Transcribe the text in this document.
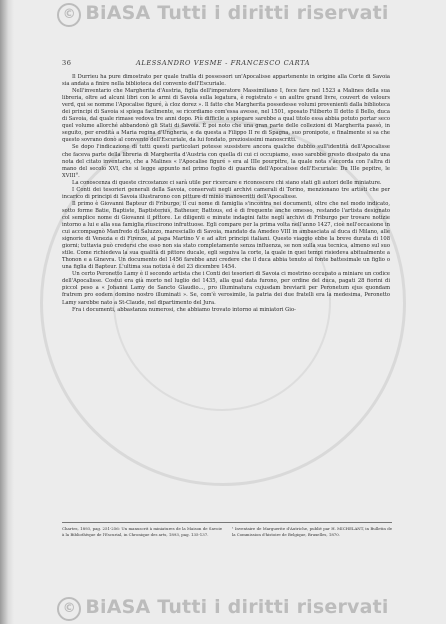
© BiASA Tutti i diritti riservati
36	ALESSANDRO VESME - FRANCESCO CARTA

Il Durrieu ha pure dimostrato per quale trafila di possessori un'Apocalisse appartenente in origine alla Corte di Savoia sia andata a finire nella biblioteca del convento dell'Escuriale.

Nell'inventario che Margherita d'Austria, figlia dell'imperatore Massimiliano I, fece fare nel 1523 a Malines della sua libreria, oltre ad alcuni libri con le armi di Savoia sulla legatura, è registrato « un aultre grand livre, couvert de velours verd, qui se nomme l'Apocalise figuré, à cloz dorez ». Il fatto che Margherita possedesse volumi provenienti dalla biblioteca dei principi di Savoia si spiega facilmente, se ricordiamo com'essa avesse, nel 1501, sposato Filiberto II detto il Bello, duca di Savoia, dal quale rimase vedova tre anni dopo. Più difficile a spiegare sarebbe a qual titolo essa abbia potuto portar seco quel volume allorché abbandonò gli Stati di Savoia. È poi noto che una gran parte delle collezioni di Margherita passò, in seguito, per eredità a Maria regina d'Ungheria, e da questa a Filippo II re di Spagna, suo pronipote, e finalmente si sa che questo sovrano donò al convento dell'Escuriale, da lui fondato, preziosissimi manoscritti.

Se dopo l'indicazione di tutti questi particolari potesse sussistere ancora qualche dubbio sull'identità dell'Apocalisse che faceva parte della libreria di Margherita d'Austria con quella di cui ci occupiamo, esso sarebbe presto dissipato da una nota del citato inventario, che a Malines « l'Apocalise figuré » era al IIIe pourpitre, la quale nota s'accorda con l'altra di mano del secolo XVI, che si legge appunto nel primo foglio di guardia dell'Apocalisse dell'Escuriale: Du IIIe pepitre, le XVIII°.

La conoscenza di queste circostanze ci sarà utile per ricercare e riconoscere chi siano stati gli autori delle miniature.

I Conti dei tesorieri generali della Savoia, conservati negli archivi camerali di Torino, menzionano tre artisti che per incarico di principi di Savoia illustrarono con pitture di minio manoscritti dell'Apocalisse.

Il primo è Giovanni Bapteur di Friburgo, il cui nome di famiglia s'incontra nei documenti, oltre che nel modo indicato, sotto forme Batie, Baptiste, Baptisterius, Batheuer, Battous, ed è di frequente anche omesso, restando l'artista designato col semplice nome di Giovanni il pittore. Le diligenti e minute indagini fatte negli archivi di Friburgo per trovare notizie intorno a lui e alla sua famiglia riuscirono infruttuose. Egli compare per la prima volta nell'anno 1427, cioè nell'occasione in cui accompagnò Manfredo di Saluzzo, maresciallo di Savoia, mandato da Amedeo VIII in ambasciata al duca di Milano, alle signorie di Venezia e di Firenze, al papa Martino V e ad altri principi italiani. Questo viaggio ebbe la breve durata di 108 giorni; tuttavia può credersi che esso non sia stato completamente senza influenza, se non sulla sua tecnica, almeno sul suo stile. Come richiedeva la sua qualità di pittore ducale, egli seguiva la corte, la quale in quei tempi risiedeva abitualmente a Thonon e a Ginevra. Un documento del 1456 farebbe anzi credere che il duca abbia tenuto al fonte battesimale un figlio o una figlia di Bapteur. L'ultima sua notizia è del 23 dicembre 1454.

Un certo Peronetto Lamy è il secondo artista che i Conti dei tesorieri di Savoia ci mostrino occupato a miniare un codice dell'Apocalisse. Costui era già morto nel luglio del 1435, alla qual data furono, per ordine del duca, pagati 28 fiorini di piccol peso a « Johanni Lamy de Sancto Glaudio..., pro illuminatura cujusdam breviarii per Peronetum ejus quondam fratrem pro eodem domino nostro illuminati ». Se, com'è verosimile, la patria dei due fratelli era la medesima, Peronetto Lamy sarebbe nato a St-Claude, nel dipartimento del Jura.

Fra i documenti, abbastanza numerosi, che abbiamo trovato intorno ai miniatori Gio-

Chartes, 1893, pag. 251-256: Un manuscrit à miniatures de la Maison de Savoie à la Bibliothèque de l'Escurial, in Chronique des arts, 1893, pag. 135-137.

¹ Inventaire de Marguerite d'Autriche, publié par H. MICHELANT, in Bulletin de la Commission d'histoire de Belgique, Bruxelles, 1870.

© BiASA Tutti i diritti riservati
